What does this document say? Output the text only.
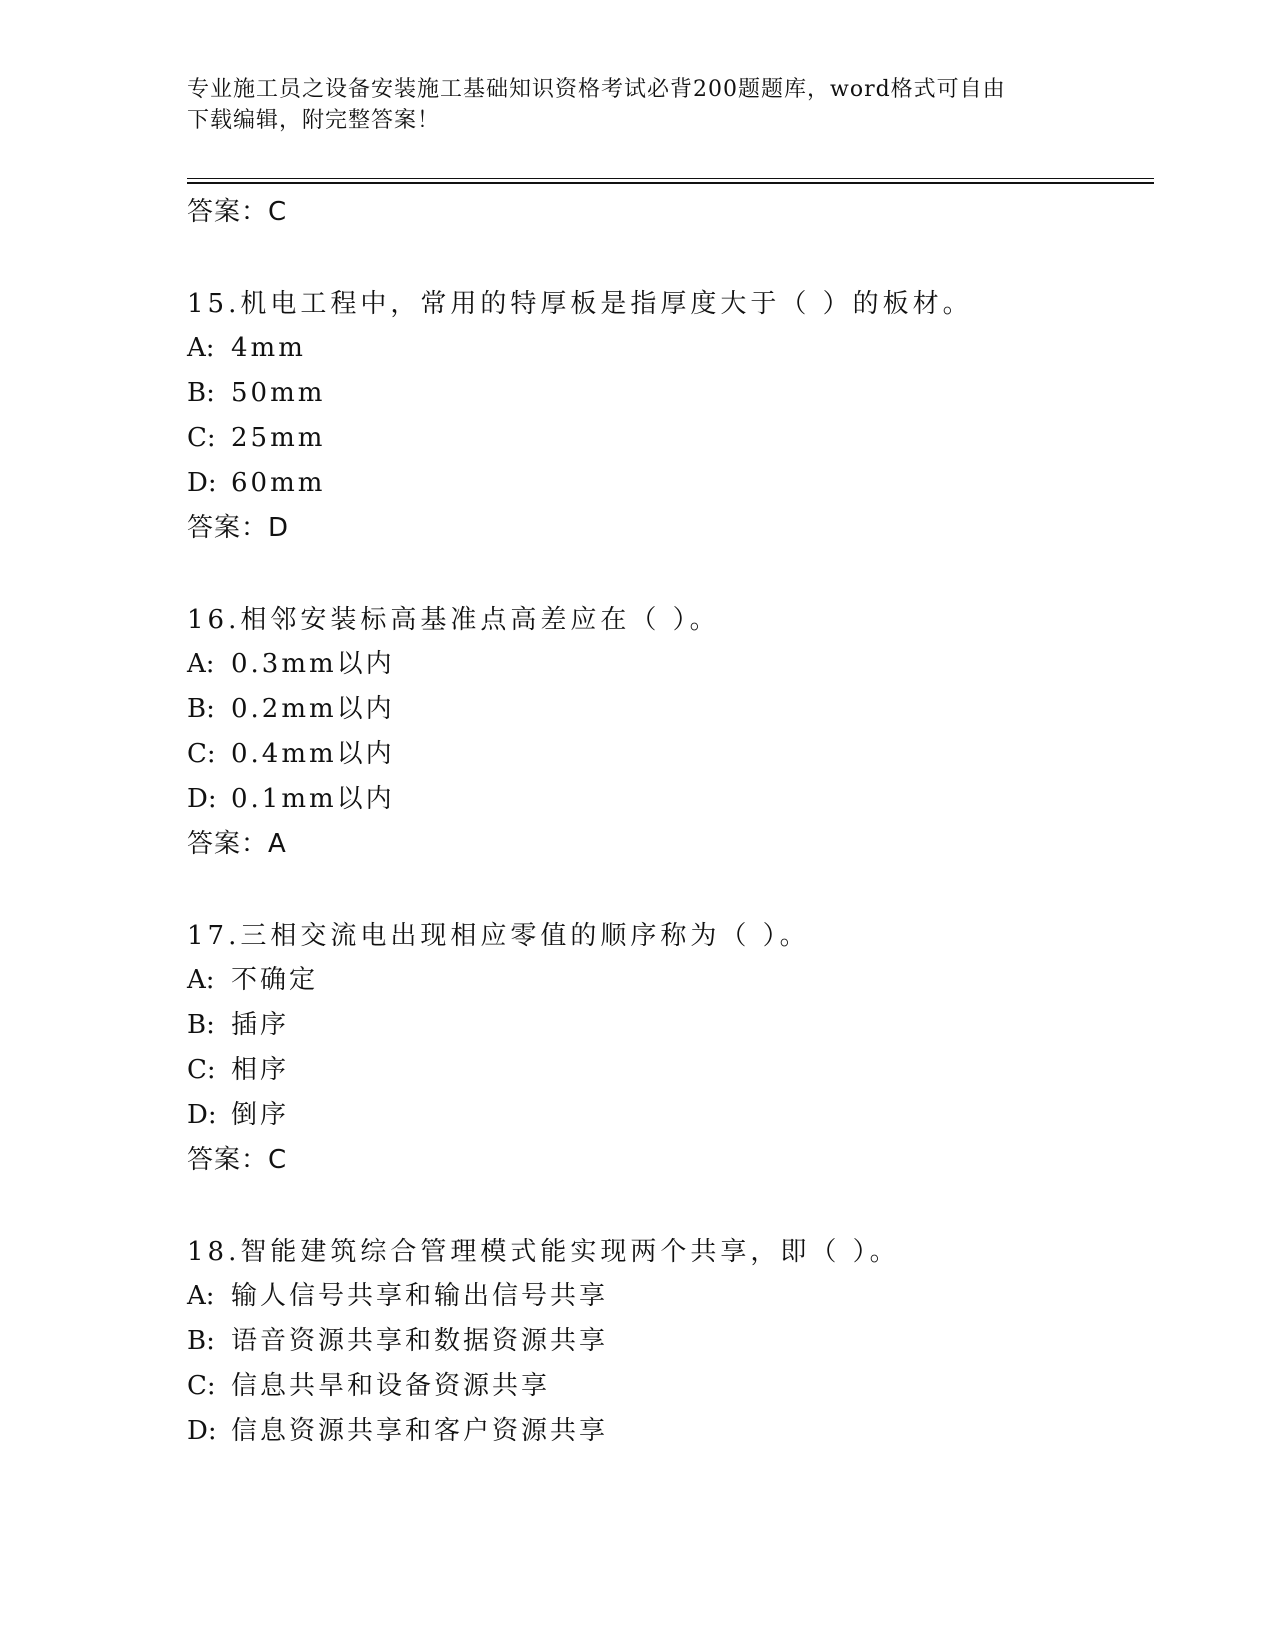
专业施工员之设备安装施工基础知识资格考试必背200题题库，word格式可自由
下载编辑，附完整答案！
答案：C
15.机电工程中，常用的特厚板是指厚度大于（ ）的板材。
A: 4mm
B: 50mm
C: 25mm
D: 60mm
答案：D
16.相邻安装标高基准点高差应在（ ）。
A: 0.3mm以内
B: 0.2mm以内
C: 0.4mm以内
D: 0.1mm以内
答案：A
17.三相交流电出现相应零值的顺序称为（ ）。
A: 不确定
B: 插序
C: 相序
D: 倒序
答案：C
18.智能建筑综合管理模式能实现两个共享，即（ ）。
A: 输人信号共享和输出信号共享
B: 语音资源共享和数据资源共享
C: 信息共旱和设备资源共享
D: 信息资源共享和客户资源共享
